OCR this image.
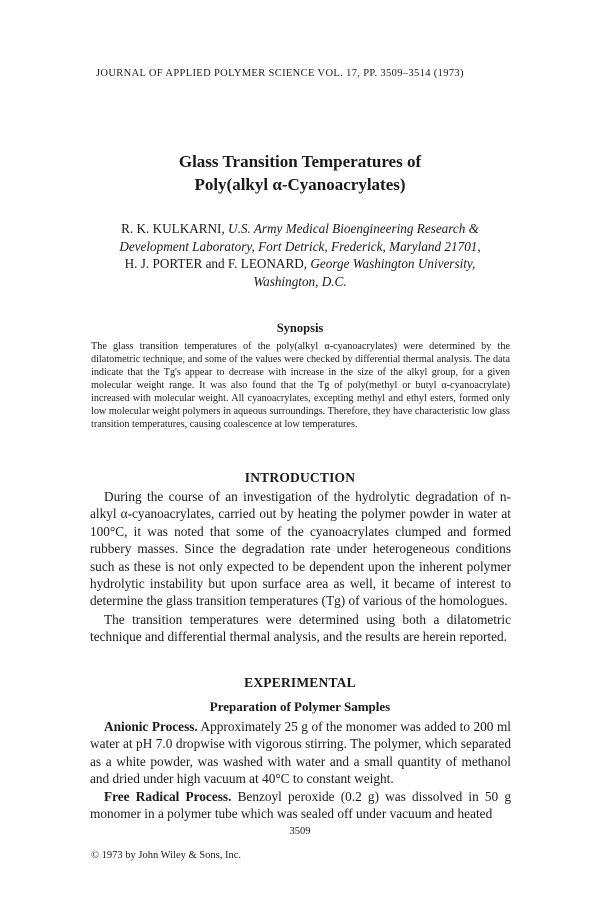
JOURNAL OF APPLIED POLYMER SCIENCE VOL. 17, PP. 3509–3514 (1973)
Glass Transition Temperatures of
Poly(alkyl α-Cyanoacrylates)
R. K. KULKARNI, U.S. Army Medical Bioengineering Research &
Development Laboratory, Fort Detrick, Frederick, Maryland 21701,
H. J. PORTER and F. LEONARD, George Washington University,
Washington, D.C.
Synopsis
The glass transition temperatures of the poly(alkyl α-cyanoacrylates) were determined by the dilatometric technique, and some of the values were checked by differential thermal analysis. The data indicate that the Tg's appear to decrease with increase in the size of the alkyl group, for a given molecular weight range. It was also found that the Tg of poly(methyl or butyl α-cyanoacrylate) increased with molecular weight. All cyanoacrylates, excepting methyl and ethyl esters, formed only low molecular weight polymers in aqueous surroundings. Therefore, they have characteristic low glass transition temperatures, causing coalescence at low temperatures.
INTRODUCTION
During the course of an investigation of the hydrolytic degradation of n-alkyl α-cyanoacrylates, carried out by heating the polymer powder in water at 100°C, it was noted that some of the cyanoacrylates clumped and formed rubbery masses. Since the degradation rate under heterogeneous conditions such as these is not only expected to be dependent upon the inherent polymer hydrolytic instability but upon surface area as well, it became of interest to determine the glass transition temperatures (Tg) of various of the homologues.
The transition temperatures were determined using both a dilatometric technique and differential thermal analysis, and the results are herein reported.
EXPERIMENTAL
Preparation of Polymer Samples
Anionic Process. Approximately 25 g of the monomer was added to 200 ml water at pH 7.0 dropwise with vigorous stirring. The polymer, which separated as a white powder, was washed with water and a small quantity of methanol and dried under high vacuum at 40°C to constant weight.
Free Radical Process. Benzoyl peroxide (0.2 g) was dissolved in 50 g monomer in a polymer tube which was sealed off under vacuum and heated
3509
© 1973 by John Wiley & Sons, Inc.
